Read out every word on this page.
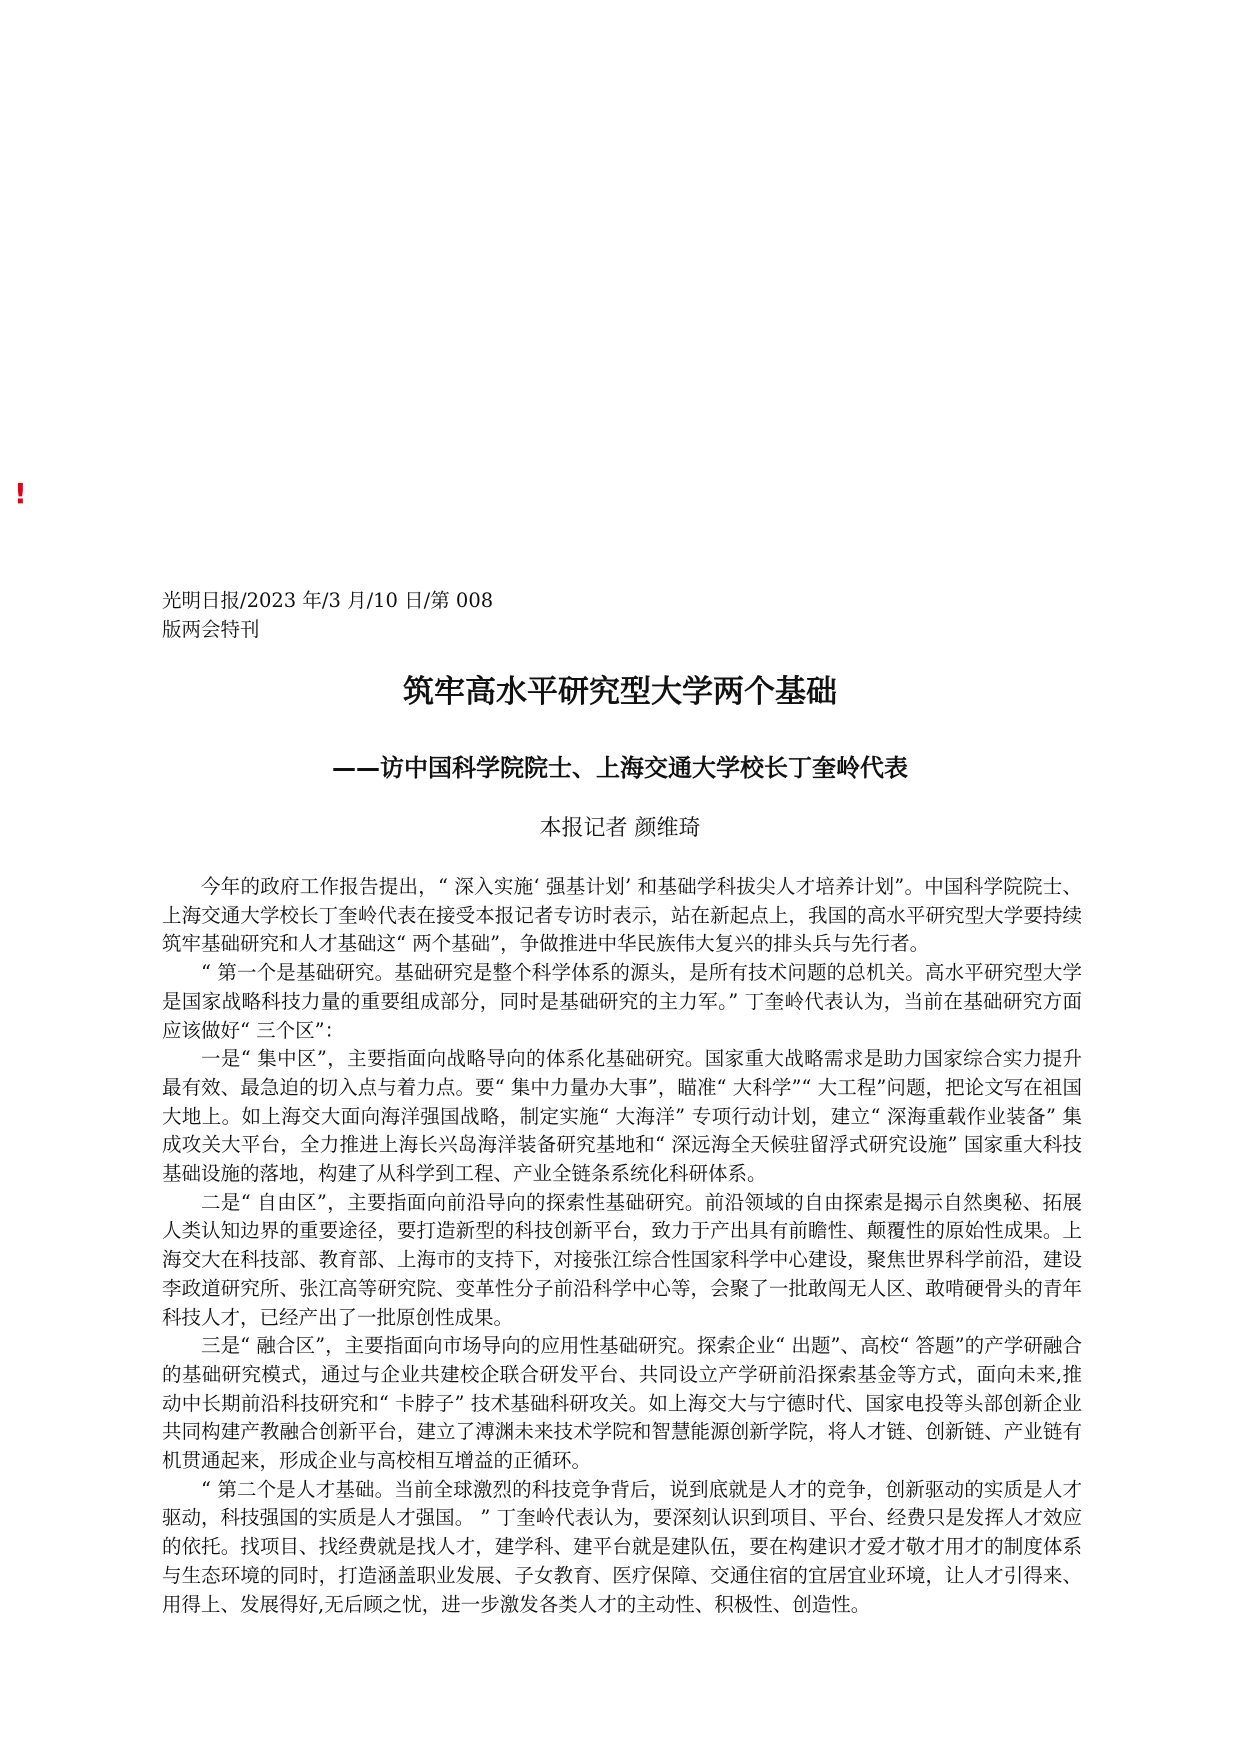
!
光明日报/2023 年/3 月/10 日/第 008
版两会特刊
筑牢高水平研究型大学两个基础
——访中国科学院院士、上海交通大学校长丁奎岭代表
本报记者 颜维琦

今年的政府工作报告提出，“ 深入实施‘ 强基计划’ 和基础学科拔尖人才培养计划”。中国科学院院士、上海交通大学校长丁奎岭代表在接受本报记者专访时表示，站在新起点上，我国的高水平研究型大学要持续筑牢基础研究和人才基础这“ 两个基础”，争做推进中华民族伟大复兴的排头兵与先行者。

“ 第一个是基础研究。基础研究是整个科学体系的源头，是所有技术问题的总机关。高水平研究型大学是国家战略科技力量的重要组成部分，同时是基础研究的主力军。” 丁奎岭代表认为，当前在基础研究方面应该做好“ 三个区”：

一是“ 集中区”，主要指面向战略导向的体系化基础研究。国家重大战略需求是助力国家综合实力提升最有效、最急迫的切入点与着力点。要“ 集中力量办大事”，瞄准“ 大科学”“ 大工程”问题，把论文写在祖国大地上。如上海交大面向海洋强国战略，制定实施“ 大海洋” 专项行动计划，建立“ 深海重载作业装备” 集成攻关大平台，全力推进上海长兴岛海洋装备研究基地和“ 深远海全天候驻留浮式研究设施” 国家重大科技基础设施的落地，构建了从科学到工程、产业全链条系统化科研体系。

二是“ 自由区”，主要指面向前沿导向的探索性基础研究。前沿领域的自由探索是揭示自然奥秘、拓展人类认知边界的重要途径，要打造新型的科技创新平台，致力于产出具有前瞻性、颠覆性的原始性成果。上海交大在科技部、教育部、上海市的支持下，对接张江综合性国家科学中心建设，聚焦世界科学前沿，建设李政道研究所、张江高等研究院、变革性分子前沿科学中心等，会聚了一批敢闯无人区、敢啃硬骨头的青年科技人才，已经产出了一批原创性成果。

三是“ 融合区”，主要指面向市场导向的应用性基础研究。探索企业“ 出题”、高校“ 答题”的产学研融合的基础研究模式，通过与企业共建校企联合研发平台、共同设立产学研前沿探索基金等方式，面向未来,推动中长期前沿科技研究和“ 卡脖子” 技术基础科研攻关。如上海交大与宁德时代、国家电投等头部创新企业共同构建产教融合创新平台，建立了溥渊未来技术学院和智慧能源创新学院，将人才链、创新链、产业链有机贯通起来，形成企业与高校相互增益的正循环。

“ 第二个是人才基础。当前全球激烈的科技竞争背后，说到底就是人才的竞争，创新驱动的实质是人才驱动，科技强国的实质是人才强国。 ” 丁奎岭代表认为，要深刻认识到项目、平台、经费只是发挥人才效应的依托。找项目、找经费就是找人才，建学科、建平台就是建队伍，要在构建识才爱才敬才用才的制度体系与生态环境的同时，打造涵盖职业发展、子女教育、医疗保障、交通住宿的宜居宜业环境，让人才引得来、用得上、发展得好,无后顾之忧，进一步激发各类人才的主动性、积极性、创造性。
